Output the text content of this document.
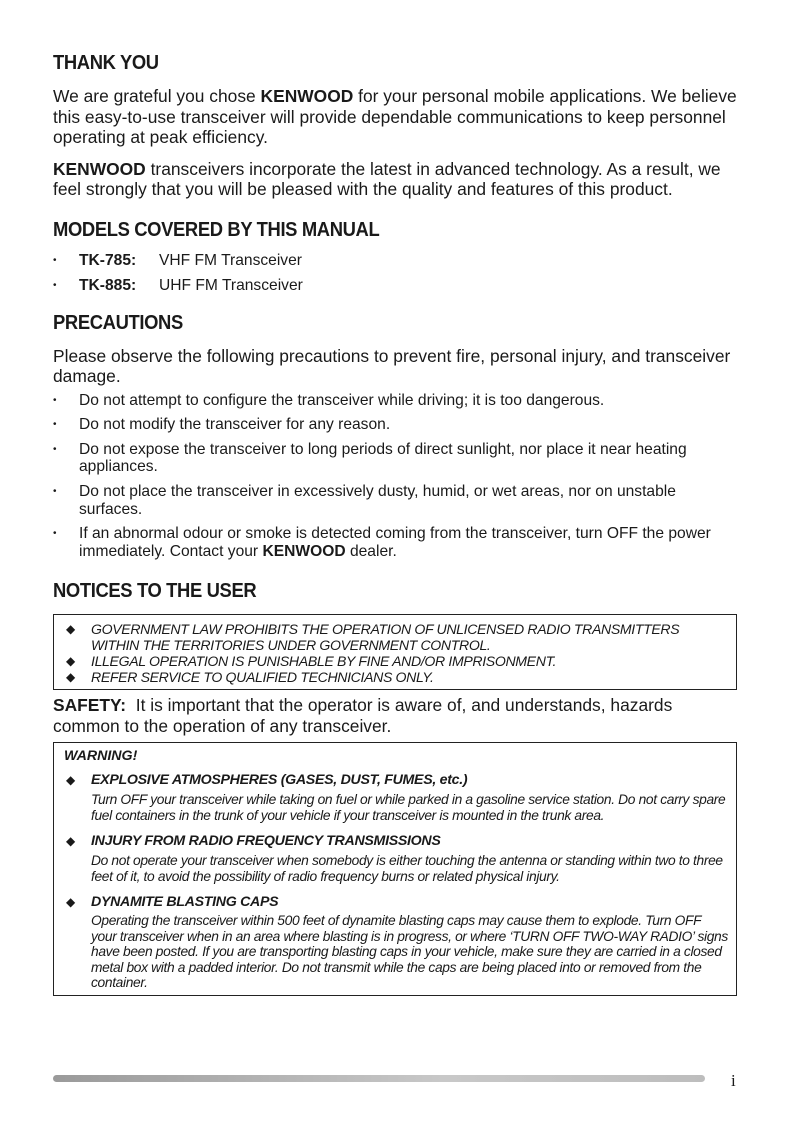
THANK YOU

We are grateful you chose KENWOOD for your personal mobile applications. We believe this easy-to-use transceiver will provide dependable communications to keep personnel operating at peak efficiency.

KENWOOD transceivers incorporate the latest in advanced technology. As a result, we feel strongly that you will be pleased with the quality and features of this product.

MODELS COVERED BY THIS MANUAL
• TK-785: VHF FM Transceiver
• TK-885: UHF FM Transceiver
PRECAUTIONS

Please observe the following precautions to prevent fire, personal injury, and transceiver damage.

• Do not attempt to configure the transceiver while driving; it is too dangerous.
• Do not modify the transceiver for any reason.
• Do not expose the transceiver to long periods of direct sunlight, nor place it near heating appliances.
• Do not place the transceiver in excessively dusty, humid, or wet areas, nor on unstable surfaces.
• If an abnormal odour or smoke is detected coming from the transceiver, turn OFF the power immediately. Contact your KENWOOD dealer.
NOTICES TO THE USER
◆ GOVERNMENT LAW PROHIBITS THE OPERATION OF UNLICENSED RADIO TRANSMITTERS WITHIN THE TERRITORIES UNDER GOVERNMENT CONTROL.
◆ ILLEGAL OPERATION IS PUNISHABLE BY FINE AND/OR IMPRISONMENT.
◆ REFER SERVICE TO QUALIFIED TECHNICIANS ONLY.

SAFETY:  It is important that the operator is aware of, and understands, hazards common to the operation of any transceiver.

WARNING!
◆ EXPLOSIVE ATMOSPHERES (GASES, DUST, FUMES, etc.)
Turn OFF your transceiver while taking on fuel or while parked in a gasoline service station. Do not carry spare fuel containers in the trunk of your vehicle if your transceiver is mounted in the trunk area.
◆ INJURY FROM RADIO FREQUENCY TRANSMISSIONS
Do not operate your transceiver when somebody is either touching the antenna or standing within two to three feet of it, to avoid the possibility of radio frequency burns or related physical injury.
◆ DYNAMITE BLASTING CAPS
Operating the transceiver within 500 feet of dynamite blasting caps may cause them to explode. Turn OFF your transceiver when in an area where blasting is in progress, or where ‘TURN OFF TWO-WAY RADIO’ signs have been posted. If you are transporting blasting caps in your vehicle, make sure they are carried in a closed metal box with a padded interior. Do not transmit while the caps are being placed into or removed from the container.
i
